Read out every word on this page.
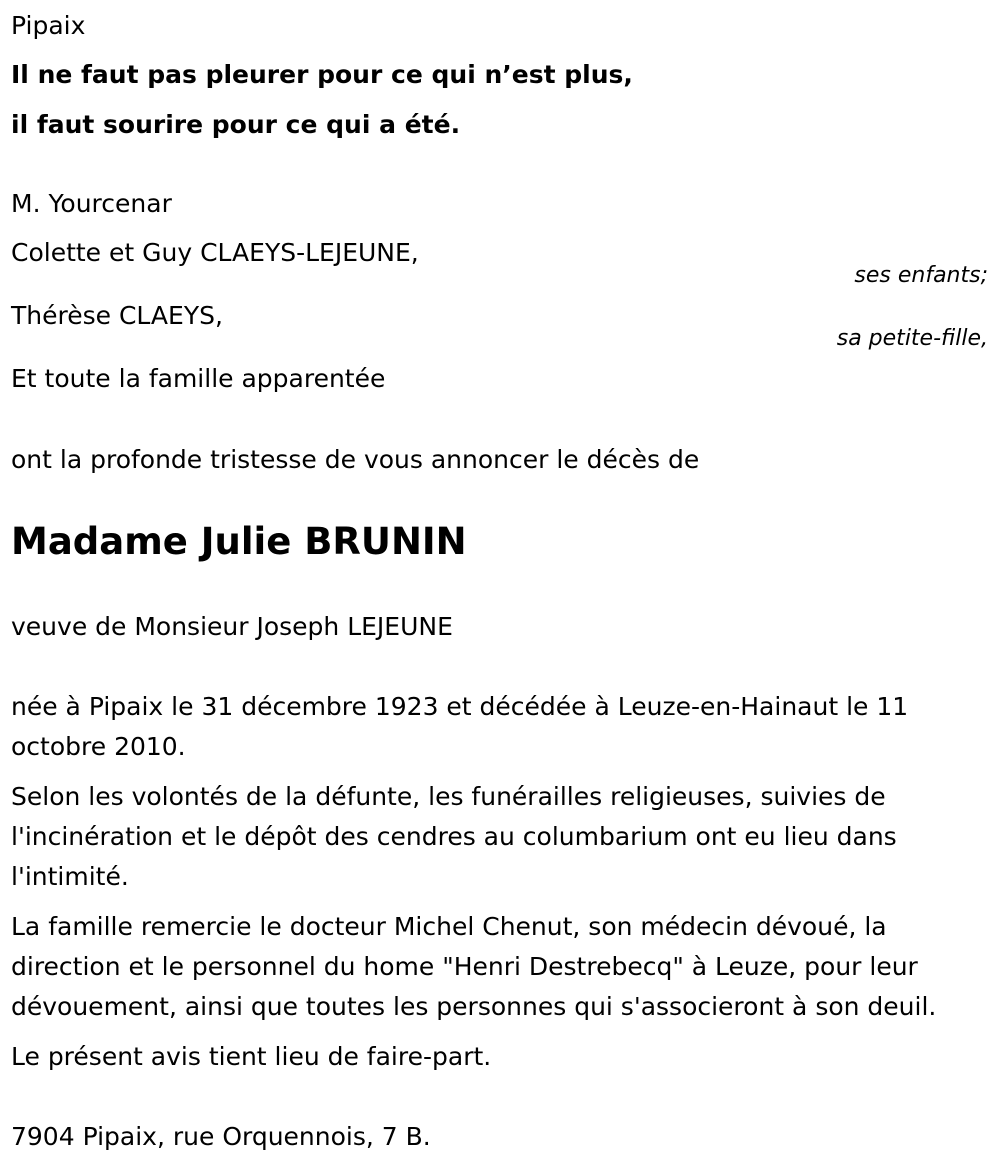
Pipaix
Il ne faut pas pleurer pour ce qui n’est plus,
il faut sourire pour ce qui a été.
M. Yourcenar
Colette et Guy CLAEYS-LEJEUNE,
ses enfants;
Thérèse CLAEYS,
sa petite-fille,
Et toute la famille apparentée
ont la profonde tristesse de vous annoncer le décès de
Madame Julie BRUNIN
veuve de Monsieur Joseph LEJEUNE

née à Pipaix le 31 décembre 1923 et décédée à Leuze-en-Hainaut le 11 octobre 2010.

Selon les volontés de la défunte, les funérailles religieuses, suivies de l'incinération et le dépôt des cendres au columbarium ont eu lieu dans l'intimité.

La famille remercie le docteur Michel Chenut, son médecin dévoué, la direction et le personnel du home "Henri Destrebecq" à Leuze, pour leur dévouement, ainsi que toutes les personnes qui s'associeront à son deuil.

Le présent avis tient lieu de faire-part.

7904 Pipaix, rue Orquennois, 7 B.
